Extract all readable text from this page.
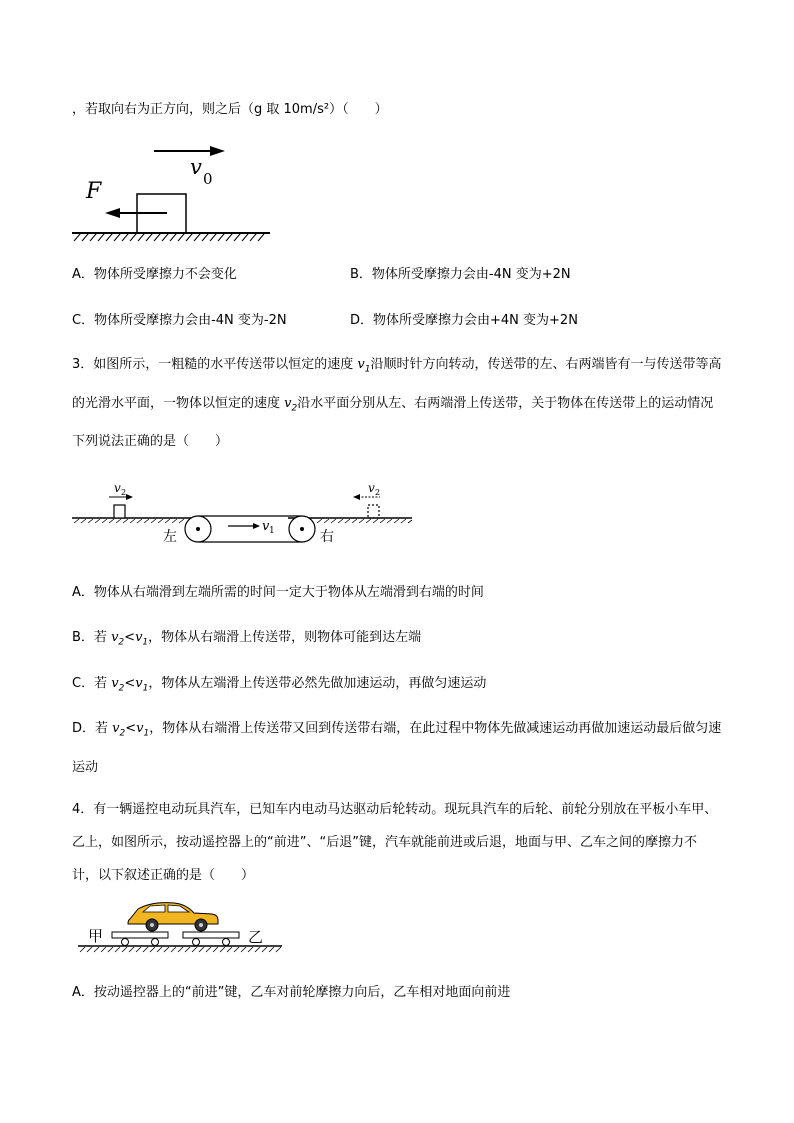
，若取向右为正方向，则之后（g 取 10m/s²）（　　）
v 0
F
A．物体所受摩擦力不会变化	B．物体所受摩擦力会由-4N 变为+2N
C．物体所受摩擦力会由-4N 变为-2N	D．物体所受摩擦力会由+4N 变为+2N
3．如图所示，一粗糙的水平传送带以恒定的速度 $v_1$沿顺时针方向转动，传送带的左、右两端皆有一与传送带等高的光滑水平面，一物体以恒定的速度 $v_2$沿水平面分别从左、右两端滑上传送带，关于物体在传送带上的运动情况下列说法正确的是（　　）
v 2	v 2
v 1
左	右
A．物体从右端滑到左端所需的时间一定大于物体从左端滑到右端的时间
B．若 $v_2<v_1$，物体从右端滑上传送带，则物体可能到达左端
C．若 $v_2<v_1$，物体从左端滑上传送带必然先做加速运动，再做匀速运动
D．若 $v_2<v_1$，物体从右端滑上传送带又回到传送带右端，在此过程中物体先做减速运动再做加速运动最后做匀速运动
4．有一辆遥控电动玩具汽车，已知车内电动马达驱动后轮转动。现玩具汽车的后轮、前轮分别放在平板小车甲、乙上，如图所示，按动遥控器上的“前进”、“后退”键，汽车就能前进或后退，地面与甲、乙车之间的摩擦力不计，以下叙述正确的是（　　）
甲	乙
A．按动遥控器上的“前进”键，乙车对前轮摩擦力向后，乙车相对地面向前进
